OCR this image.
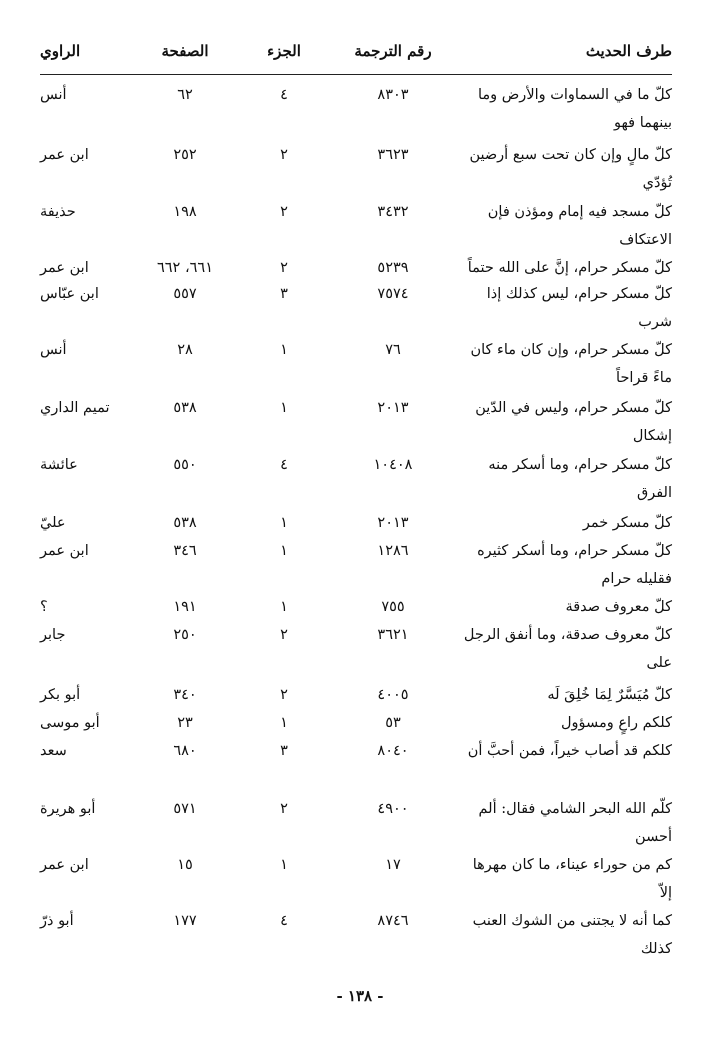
طرف الحديث
رقم الترجمة
الجزء
الصفحة
الراوي
كلّ ما في السماوات والأرض وما بينهما فهو
٨٣٠٣
٤
٦٢
أنس
كلّ مالٍ وإن كان تحت سبع أرضين تُؤدّي
٣٦٢٣
٢
٢٥٢
ابن عمر
كلّ مسجد فيه إمام ومؤذن فإن الاعتكاف
٣٤٣٢
٢
١٩٨
حذيفة
كلّ مسكر حرام، إنَّ على الله حتماً
٥٢٣٩
٢
٦٦١، ٦٦٢
ابن عمر
كلّ مسكر حرام، ليس كذلك إذا شرب
٧٥٧٤
٣
٥٥٧
ابن عبّاس
كلّ مسكر حرام، وإن كان ماء كان ماءً قراحاً
٧٦
١
٢٨
أنس
كلّ مسكر حرام، وليس في الدّين إشكال
٢٠١٣
١
٥٣٨
تميم الداري
كلّ مسكر حرام، وما أسكر منه الفرق
١٠٤٠٨
٤
٥٥٠
عائشة
كلّ مسكر خمر
٢٠١٣
١
٥٣٨
عليّ
كلّ مسكر حرام، وما أسكر كثيره فقليله حرام
١٢٨٦
١
٣٤٦
ابن عمر
كلّ معروف صدقة
٧٥٥
١
١٩١
؟
كلّ معروف صدقة، وما أنفق الرجل على
٣٦٢١
٢
٢٥٠
جابر
كلّ مُيَسَّرٌ لِمَا خُلِقَ لَه
٤٠٠٥
٢
٣٤٠
أبو بكر
كلكم راعٍ ومسؤول
٥٣
١
٢٣
أبو موسى
كلكم قد أصاب خيراً، فمن أحبَّ أن
٨٠٤٠
٣
٦٨٠
سعد
كلّم الله البحر الشامي فقال: ألم أحسن
٤٩٠٠
٢
٥٧١
أبو هريرة
كم من حوراء عيناء، ما كان مهرها إلاّ
١٧
١
١٥
ابن عمر
كما أنه لا يجتنى من الشوك العنب كذلك
٨٧٤٦
٤
١٧٧
أبو ذرّ
- ١٣٨ -
